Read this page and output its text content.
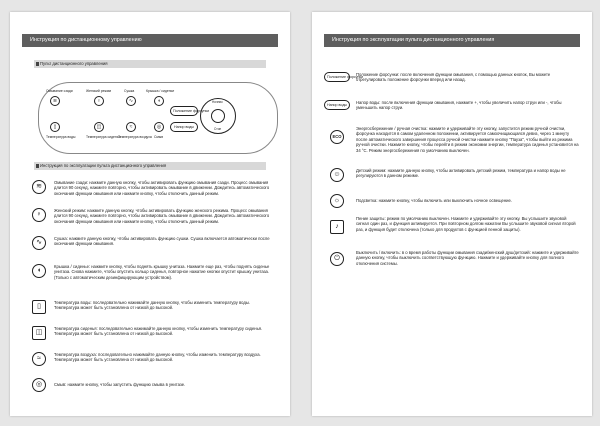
Инструкция по дистанционному управлению
Пульт дистанционного управления
Омывание сзади	Женский режим	Сушка	Крышка / сиденье
≋	♀	∿	◖
▯	◫	≈	◎
Температура воды	Температура сиденья
Температура воздуха Смыв
Положение форсунки
Напор воды
Ночник
Стоп
Инструкция по эксплуатации пульта дистанционного управления
≋
Омывание сзади: нажмите данную кнопку, чтобы активировать функцию омывания сзади. Процесс омывания длится 90 секунд, нажмите повторно, чтобы активировать омывание в движении. Дождитесь автоматического окончания функции омывания или нажмите кнопку, чтобы отключить данный режим.
♀
Женский режим: нажмите данную кнопку, чтобы активировать функцию женского режима. Процесс омывания длится 90 секунд, нажмите повторно, чтобы активировать омывание в движении. Дождитесь автоматического окончания функции омывания или нажмите кнопку, чтобы отключить данный режим.
∿
Сушка: нажмите данную кнопку, чтобы активировать функцию сушки. Сушка включается автоматически после окончания функции омывания.
◖
Крышка / сиденье: нажмите кнопку, чтобы поднять крышку унитаза. Нажмите еще раз, чтобы поднять сиденье унитаза. Снова нажмите, чтобы опустить кольцо сиденья, повторное нажатие кнопки опустит крышку унитаза. (Только с автоматическим дезинфицирующим устройством).
▯
Температура воды: последовательно нажимайте данную кнопку, чтобы изменить температуру воды. Температура может быть установлена от низкой до высокой.
◫
Температура сиденья: последовательно нажимайте данную кнопку, чтобы изменить температуру сиденья. Температура может быть установлена от низкой до высокой.
≈
Температура воздуха: последовательно нажимайте данную кнопку, чтобы изменить температуру воздуха. Температура может быть установлена от низкой до высокой.
◎	Смыв: нажмите кнопку, чтобы запустить функцию смыва в унитазе.
Инструкция по эксплуатации пульта дистанционного управления
Положение форсунки
Положение форсунки: после включения функции омывания, с помощью данных кнопок, Вы можете отрегулировать положение форсунки вперед или назад.
Напор воды	Напор воды: после включения функции омывания, нажмите +, чтобы увеличить напор струи или -, чтобы уменьшить напор струи.
ECO
Энергосбережение / ручная очистка: нажмите и удерживайте эту кнопку, запустится режим ручной очистки, форсунка находится в самом удаленном положении, активируется самоочищающаяся девиз, через 1 минуту после автоматического завершения процесса ручной очистки нажмите кнопку "Пауза", чтобы выйти из режима ручной очистки. Нажмите кнопку, чтобы перейти в режим экономии энергии, температура сиденья установится на 34 °C. Режим энергосбережения по умолчанию выключен.
☺
Детский режим: нажмите данную кнопку, чтобы активировать детский режим, температура и напор воды не регулируются в данном режиме.
☼	Подсветка: нажмите кнопку, чтобы включить или выключить ночное освещение.
♪
Пение защиты: режим по умолчанию выключен. Нажмите и удерживайте эту кнопку. Вы услышите звуковой сигнал один раз, и функция активируется. При повторном долгом нажатии Вы услышите звуковой сигнал второй раз, и функция будет отключена (только для продуктов с функцией пенной защиты).
⏻
Выключить / включить: в о время работы функции омывания сзади/женский душ/детский: нажмите и удерживайте данную кнопку, чтобы выключить соответствующую функцию. Нажмите и удерживайте кнопку для полного отключения системы.
